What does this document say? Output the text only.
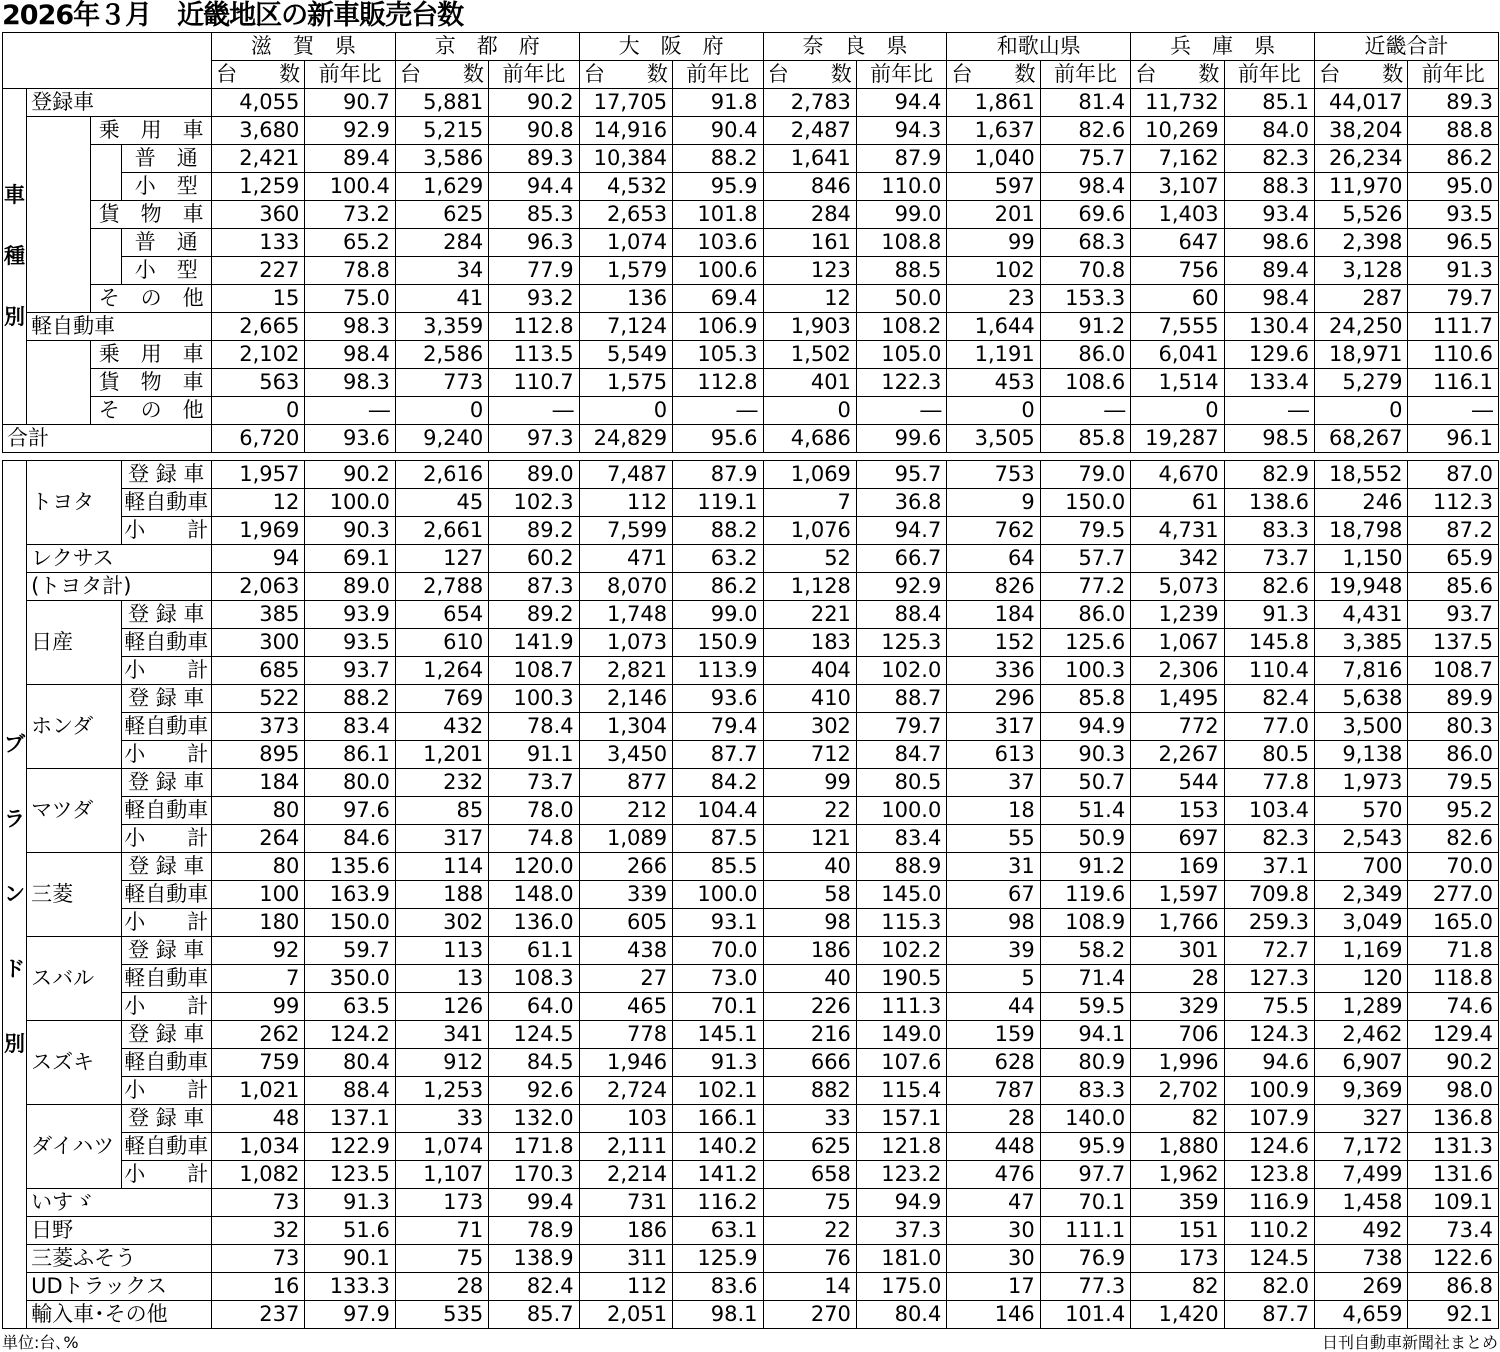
2026年３月　近畿地区の新車販売台数
				滋　賀　県		京　都　府		大　阪　府		奈　良　県		和歌山県		兵　庫　県		近畿合計	
				台　　数	前年比	台　　数	前年比	台　　数	前年比	台　　数	前年比	台　　数	前年比	台　　数	前年比	台　　数	前年比

車
種
別	登録車			4,055	90.7	5,881	90.2	17,705	91.8	2,783	94.4	1,861	81.4	11,732	85.1	44,017	89.3
		乗　用　車		3,680	92.9	5,215	90.8	14,916	90.4	2,487	94.3	1,637	82.6	10,269	84.0	38,204	88.8
			普　通	2,421	89.4	3,586	89.3	10,384	88.2	1,641	87.9	1,040	75.7	7,162	82.3	26,234	86.2
			小　型	1,259	100.4	1,629	94.4	4,532	95.9	846	110.0	597	98.4	3,107	88.3	11,970	95.0
		貨　物　車		360	73.2	625	85.3	2,653	101.8	284	99.0	201	69.6	1,403	93.4	5,526	93.5
			普　通	133	65.2	284	96.3	1,074	103.6	161	108.8	99	68.3	647	98.6	2,398	96.5
			小　型	227	78.8	34	77.9	1,579	100.6	123	88.5	102	70.8	756	89.4	3,128	91.3
		そ　の　他		15	75.0	41	93.2	136	69.4	12	50.0	23	153.3	60	98.4	287	79.7
	軽自動車			2,665	98.3	3,359	112.8	7,124	106.9	1,903	108.2	1,644	91.2	7,555	130.4	24,250	111.7
		乗　用　車		2,102	98.4	2,586	113.5	5,549	105.3	1,502	105.0	1,191	86.0	6,041	129.6	18,971	110.6
		貨　物　車		563	98.3	773	110.7	1,575	112.8	401	122.3	453	108.6	1,514	133.4	5,279	116.1
		そ　の　他		0	―	0	―	0	―	0	―	0	―	0	―	0	―
合計				6,720	93.6	9,240	97.3	24,829	95.6	4,686	99.6	3,505	85.8	19,287	98.5	68,267	96.1
ブ
ラ
ン
ド
別	トヨタ	登 録 車	1,957	90.2	2,616	89.0	7,487	87.9	1,069	95.7	753	79.0	4,670	82.9	18,552	87.0
		軽自動車	12	100.0	45	102.3	112	119.1	7	36.8	9	150.0	61	138.6	246	112.3
		小　　計	1,969	90.3	2,661	89.2	7,599	88.2	1,076	94.7	762	79.5	4,731	83.3	18,798	87.2
	レクサス		94	69.1	127	60.2	471	63.2	52	66.7	64	57.7	342	73.7	1,150	65.9
	(トヨタ計)		2,063	89.0	2,788	87.3	8,070	86.2	1,128	92.9	826	77.2	5,073	82.6	19,948	85.6
	日産	登 録 車	385	93.9	654	89.2	1,748	99.0	221	88.4	184	86.0	1,239	91.3	4,431	93.7
		軽自動車	300	93.5	610	141.9	1,073	150.9	183	125.3	152	125.6	1,067	145.8	3,385	137.5
		小　　計	685	93.7	1,264	108.7	2,821	113.9	404	102.0	336	100.3	2,306	110.4	7,816	108.7
	ホンダ	登 録 車	522	88.2	769	100.3	2,146	93.6	410	88.7	296	85.8	1,495	82.4	5,638	89.9
		軽自動車	373	83.4	432	78.4	1,304	79.4	302	79.7	317	94.9	772	77.0	3,500	80.3
		小　　計	895	86.1	1,201	91.1	3,450	87.7	712	84.7	613	90.3	2,267	80.5	9,138	86.0
	マツダ	登 録 車	184	80.0	232	73.7	877	84.2	99	80.5	37	50.7	544	77.8	1,973	79.5
		軽自動車	80	97.6	85	78.0	212	104.4	22	100.0	18	51.4	153	103.4	570	95.2
		小　　計	264	84.6	317	74.8	1,089	87.5	121	83.4	55	50.9	697	82.3	2,543	82.6
	三菱	登 録 車	80	135.6	114	120.0	266	85.5	40	88.9	31	91.2	169	37.1	700	70.0
		軽自動車	100	163.9	188	148.0	339	100.0	58	145.0	67	119.6	1,597	709.8	2,349	277.0
		小　　計	180	150.0	302	136.0	605	93.1	98	115.3	98	108.9	1,766	259.3	3,049	165.0
	スバル	登 録 車	92	59.7	113	61.1	438	70.0	186	102.2	39	58.2	301	72.7	1,169	71.8
		軽自動車	7	350.0	13	108.3	27	73.0	40	190.5	5	71.4	28	127.3	120	118.8
		小　　計	99	63.5	126	64.0	465	70.1	226	111.3	44	59.5	329	75.5	1,289	74.6
	スズキ	登 録 車	262	124.2	341	124.5	778	145.1	216	149.0	159	94.1	706	124.3	2,462	129.4
		軽自動車	759	80.4	912	84.5	1,946	91.3	666	107.6	628	80.9	1,996	94.6	6,907	90.2
		小　　計	1,021	88.4	1,253	92.6	2,724	102.1	882	115.4	787	83.3	2,702	100.9	9,369	98.0
	ダイハツ	登 録 車	48	137.1	33	132.0	103	166.1	33	157.1	28	140.0	82	107.9	327	136.8
		軽自動車	1,034	122.9	1,074	171.8	2,111	140.2	625	121.8	448	95.9	1,880	124.6	7,172	131.3
		小　　計	1,082	123.5	1,107	170.3	2,214	141.2	658	123.2	476	97.7	1,962	123.8	7,499	131.6
	いすゞ		73	91.3	173	99.4	731	116.2	75	94.9	47	70.1	359	116.9	1,458	109.1
	日野		32	51.6	71	78.9	186	63.1	22	37.3	30	111.1	151	110.2	492	73.4
	三菱ふそう		73	90.1	75	138.9	311	125.9	76	181.0	30	76.9	173	124.5	738	122.6
	UDトラックス		16	133.3	28	82.4	112	83.6	14	175.0	17	77.3	82	82.0	269	86.8
	輸入車･その他		237	97.9	535	85.7	2,051	98.1	270	80.4	146	101.4	1,420	87.7	4,659	92.1
単位:台､%	日刊自動車新聞社まとめ
